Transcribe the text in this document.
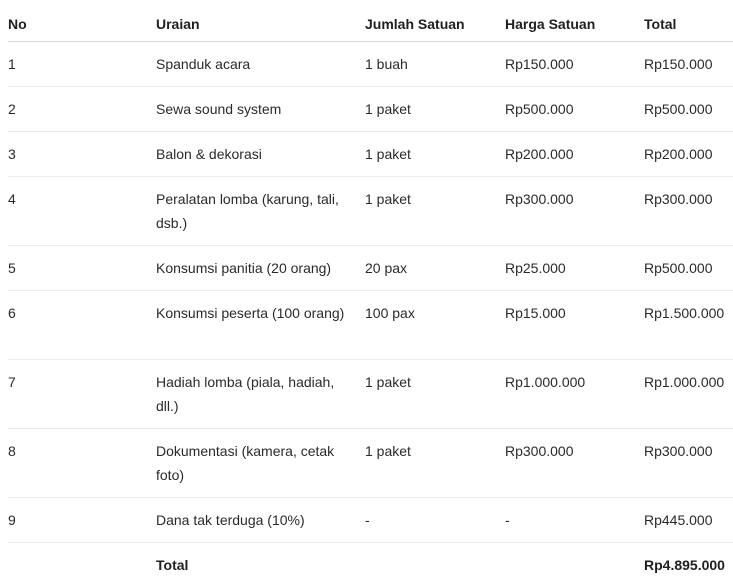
No	Uraian	Jumlah Satuan	Harga Satuan	Total
1	Spanduk acara	1 buah	Rp150.000	Rp150.000
2	Sewa sound system	1 paket	Rp500.000	Rp500.000
3	Balon & dekorasi	1 paket	Rp200.000	Rp200.000
4	Peralatan lomba (karung, tali, dsb.)	1 paket	Rp300.000	Rp300.000
5	Konsumsi panitia (20 orang)	20 pax	Rp25.000	Rp500.000
6	Konsumsi peserta (100 orang)	100 pax	Rp15.000	Rp1.500.000
7	Hadiah lomba (piala, hadiah, dll.)	1 paket	Rp1.000.000	Rp1.000.000
8	Dokumentasi (kamera, cetak foto)	1 paket	Rp300.000	Rp300.000
9	Dana tak terduga (10%)	-	-	Rp445.000
	Total			Rp4.895.000
